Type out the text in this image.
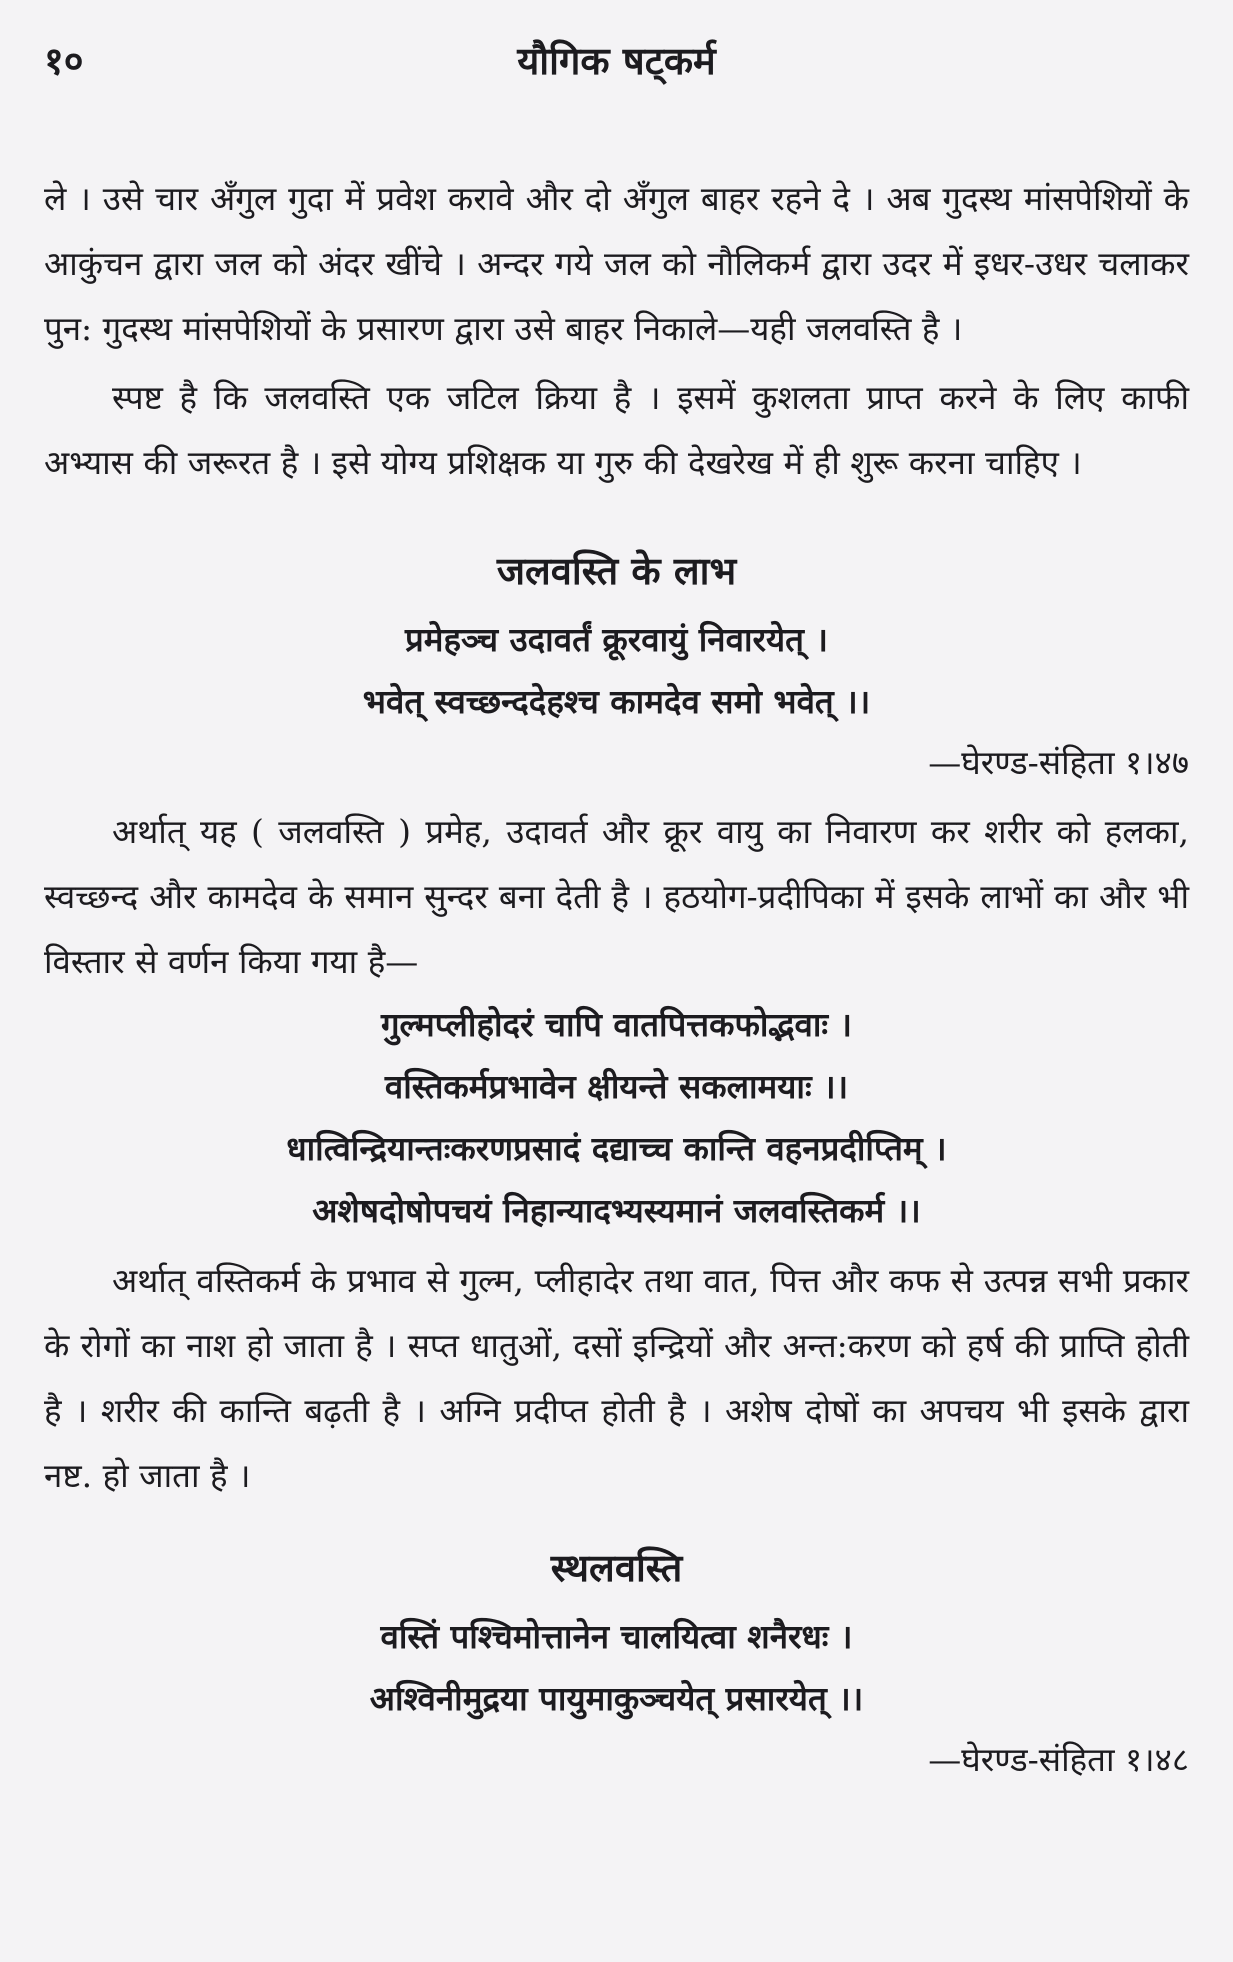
१०	यौगिक षट्कर्म

ले । उसे चार अँगुल गुदा में प्रवेश करावे और दो अँगुल बाहर रहने दे । अब गुदस्थ मांसपेशियों के आकुंचन द्वारा जल को अंदर खींचे । अन्दर गये जल को नौलिकर्म द्वारा उदर में इधर-उधर चलाकर पुन: गुदस्थ मांसपेशियों के प्रसारण द्वारा उसे बाहर निकाले—यही जलवस्ति है ।

स्पष्ट है कि जलवस्ति एक जटिल क्रिया है । इसमें कुशलता प्राप्त करने के लिए काफी अभ्यास की जरूरत है । इसे योग्य प्रशिक्षक या गुरु की देखरेख में ही शुरू करना चाहिए ।

जलवस्ति के लाभ

प्रमेहञ्च उदावर्तं क्रूरवायुं निवारयेत् ।

भवेत् स्वच्छन्ददेहश्च कामदेव समो भवेत् ।।

—घेरण्ड-संहिता १।४७

अर्थात् यह ( जलवस्ति ) प्रमेह, उदावर्त और क्रूर वायु का निवारण कर शरीर को हलका, स्वच्छन्द और कामदेव के समान सुन्दर बना देती है । हठयोग-प्रदीपिका में इसके लाभों का और भी विस्तार से वर्णन किया गया है—

गुल्मप्लीहोदरं चापि वातपित्तकफोद्भवाः ।

वस्तिकर्मप्रभावेन क्षीयन्ते सकलामयाः ।।

धात्विन्द्रियान्तःकरणप्रसादं दद्याच्च कान्ति वहनप्रदीप्तिम् ।

अशेषदोषोपचयं निहान्यादभ्यस्यमानं जलवस्तिकर्म ।।

अर्थात् वस्तिकर्म के प्रभाव से गुल्म, प्लीहादेर तथा वात, पित्त और कफ से उत्पन्न सभी प्रकार के रोगों का नाश हो जाता है । सप्त धातुओं, दसों इन्द्रियों और अन्त:करण को हर्ष की प्राप्ति होती है । शरीर की कान्ति बढ़ती है । अग्नि प्रदीप्त होती है । अशेष दोषों का अपचय भी इसके द्वारा नष्ट. हो जाता है ।

स्थलवस्ति

वस्तिं पश्चिमोत्तानेन चालयित्वा शनैरधः ।

अश्विनीमुद्रया पायुमाकुञ्चयेत् प्रसारयेत् ।।

—घेरण्ड-संहिता १।४८
